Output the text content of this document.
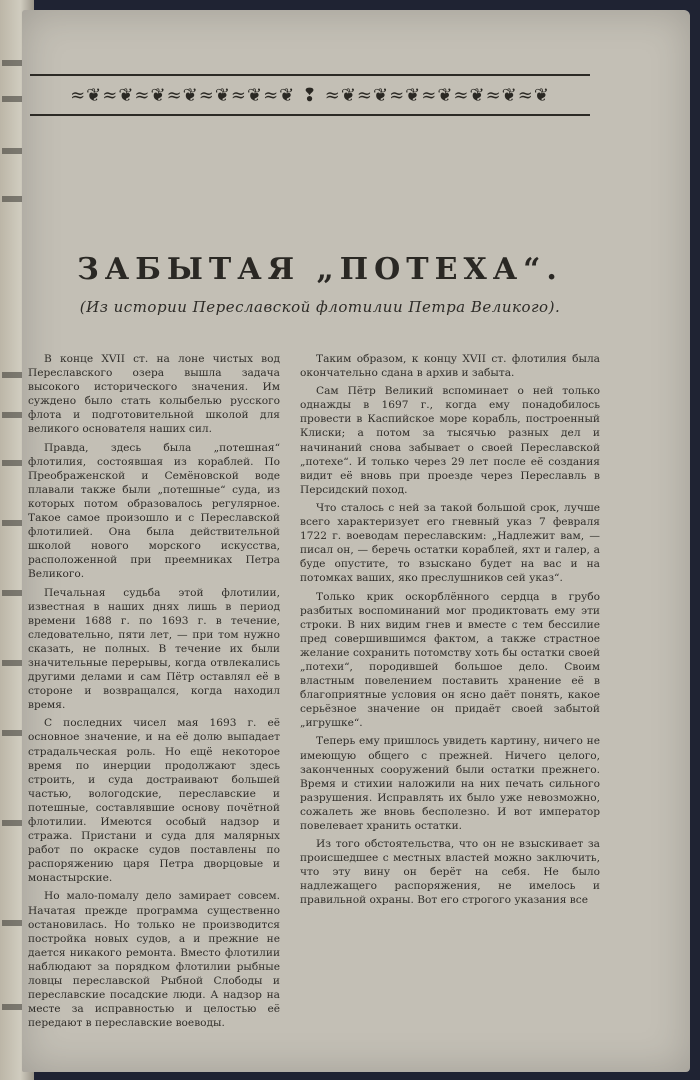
≈❦≈❦≈❦≈❦≈❦≈❦≈❦ ❢ ≈❦≈❦≈❦≈❦≈❦≈❦≈❦
ЗАБЫТАЯ „ПОТЕХА“.
(Из истории Переславской флотилии Петра Великого).

В конце XVII ст. на лоне чистых вод Переславского озера вышла задача высокого исторического значения. Им суждено было стать колыбелью русского флота и подготовительной школой для великого основателя наших сил.

Правда, здесь была „потешная“ флотилия, состоявшая из кораблей. По Преображенской и Семёновской воде плавали также были „потешные“ суда, из которых потом образовалось регулярное. Такое самое произошло и с Переславской флотилией. Она была действительной школой нового морского искусства, расположенной при преемниках Петра Великого.

Печальная судьба этой флотилии, известная в наших днях лишь в период времени 1688 г. по 1693 г. в течение, следовательно, пяти лет, — при том нужно сказать, не полных. В течение их были значительные перерывы, когда отвлекались другими делами и сам Пётр оставлял её в стороне и возвращался, когда находил время.

С последних чисел мая 1693 г. её основное значение, и на её долю выпадает страдальческая роль. Но ещё некоторое время по инерции продолжают здесь строить, и суда достраивают большей частью, вологодские, переславские и потешные, составлявшие основу почётной флотилии. Имеются особый надзор и стража. Пристани и суда для малярных работ по окраске судов поставлены по распоряжению царя Петра дворцовые и монастырские.

Но мало-помалу дело замирает совсем. Начатая прежде программа существенно остановилась. Но только не производится постройка новых судов, а и прежние не дается никакого ремонта. Вместо флотилии наблюдают за порядком флотилии рыбные ловцы переславской Рыбной Слободы и переславские посадские люди. А надзор на месте за исправностью и целостью её передают в переславские воеводы.

Таким образом, к концу XVII ст. флотилия была окончательно сдана в архив и забыта.

Сам Пётр Великий вспоминает о ней только однажды в 1697 г., когда ему понадобилось провести в Каспийское море корабль, построенный Клиски; а потом за тысячью разных дел и начинаний снова забывает о своей Переславской „потехе“. И только через 29 лет после её создания видит её вновь при проезде через Переславль в Персидский поход.

Что сталось с ней за такой большой срок, лучше всего характеризует его гневный указ 7 февраля 1722 г. воеводам переславским: „Надлежит вам, — писал он, — беречь остатки кораблей, яхт и галер, а буде опустите, то взыскано будет на вас и на потомках ваших, яко преслушников сей указ“.

Только крик оскорблённого сердца в грубо разбитых воспоминаний мог продиктовать ему эти строки. В них видим гнев и вместе с тем бессилие пред совершившимся фактом, а также страстное желание сохранить потомству хоть бы остатки своей „потехи“, породившей большое дело. Своим властным повелением поставить хранение её в благоприятные условия он ясно даёт понять, какое серьёзное значение он придаёт своей забытой „игрушке“.

Теперь ему пришлось увидеть картину, ничего не имеющую общего с прежней. Ничего целого, законченных сооружений были остатки прежнего. Время и стихии наложили на них печать сильного разрушения. Исправлять их было уже невозможно, сожалеть же вновь бесполезно. И вот император повелевает хранить остатки.

Из того обстоятельства, что он не взыскивает за происшедшее с местных властей можно заключить, что эту вину он берёт на себя. Не было надлежащего распоряжения, не имелось и правильной охраны. Вот его строгого указания все
